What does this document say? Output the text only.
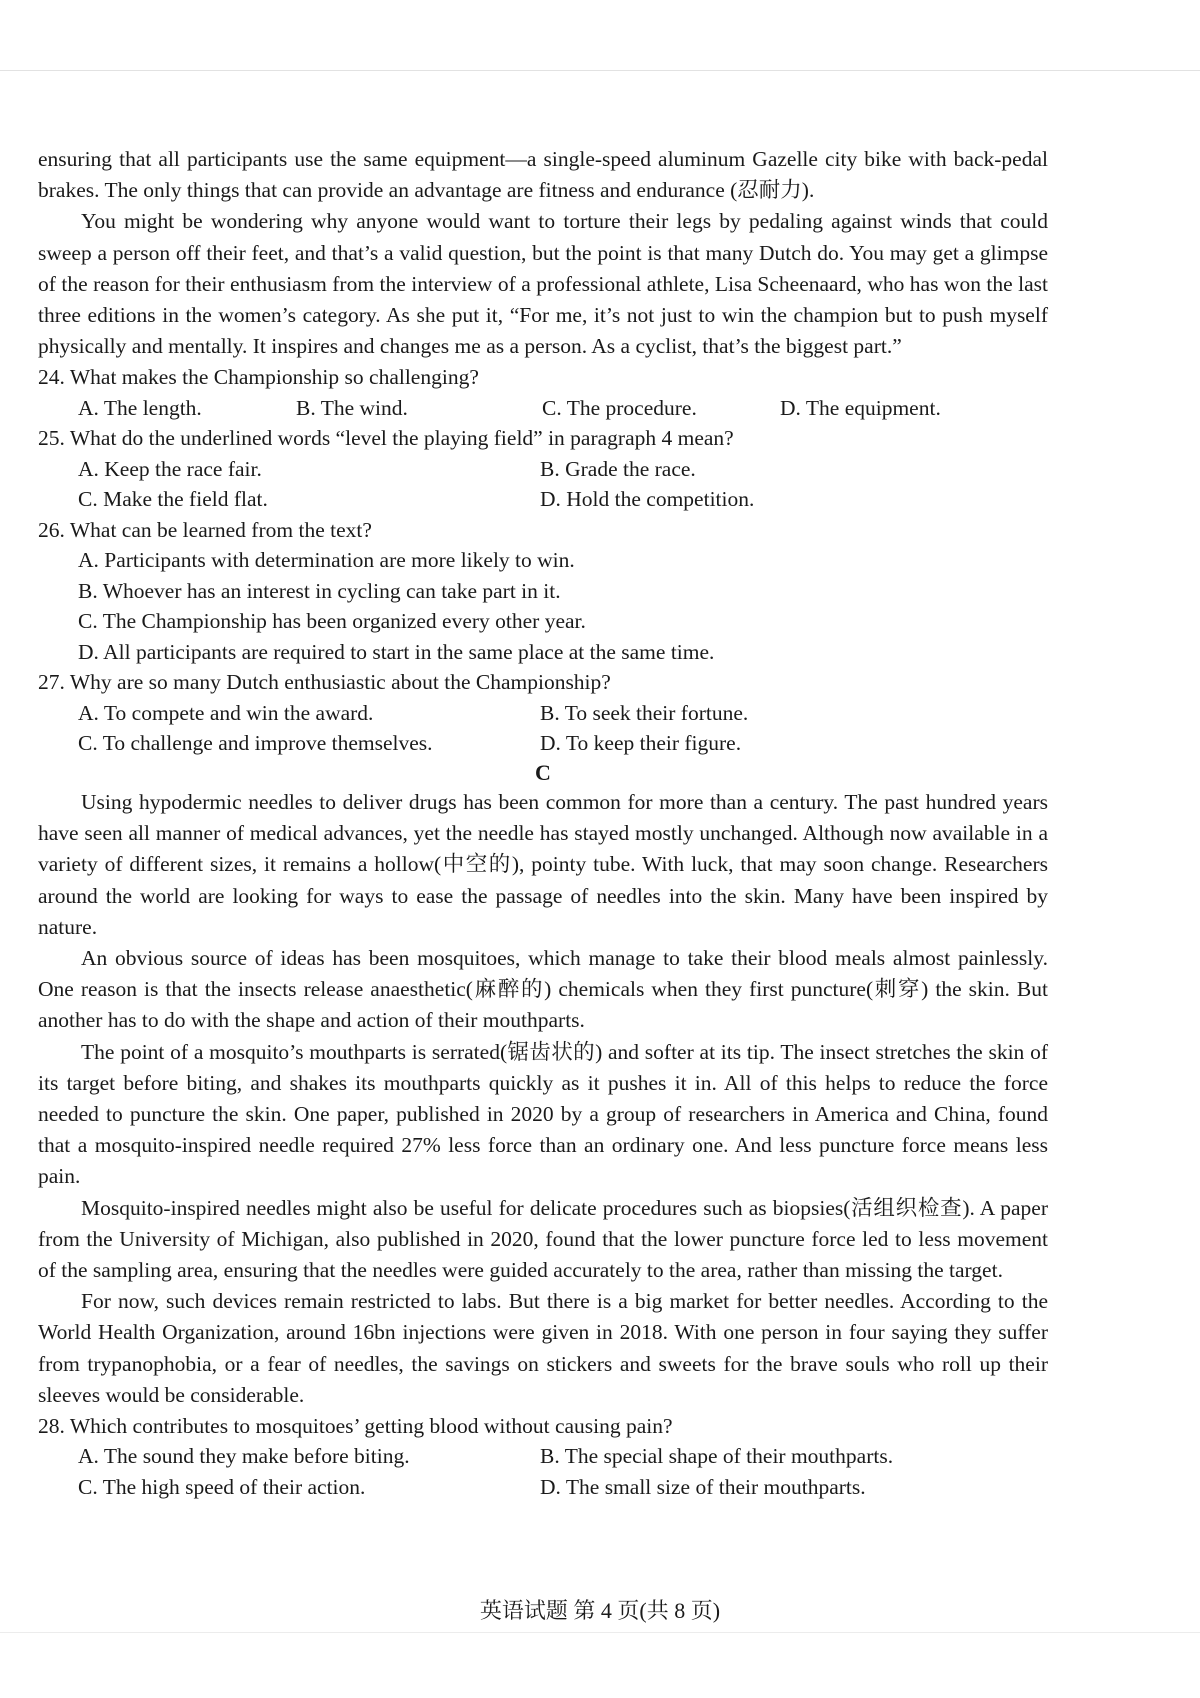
ensuring that all participants use the same equipment—a single-speed aluminum Gazelle city bike with back-pedal brakes. The only things that can provide an advantage are fitness and endurance (忍耐力).

You might be wondering why anyone would want to torture their legs by pedaling against winds that could sweep a person off their feet, and that’s a valid question, but the point is that many Dutch do. You may get a glimpse of the reason for their enthusiasm from the interview of a professional athlete, Lisa Scheenaard, who has won the last three editions in the women’s category. As she put it, “For me, it’s not just to win the champion but to push myself physically and mentally. It inspires and changes me as a person. As a cyclist, that’s the biggest part.”

24. What makes the Championship so challenging?
A. The length.	B. The wind.	C. The procedure.	D. The equipment.
25. What do the underlined words “level the playing field” in paragraph 4 mean?
A. Keep the race fair.	B. Grade the race.
C. Make the field flat.	D. Hold the competition.
26. What can be learned from the text?
A. Participants with determination are more likely to win.
B. Whoever has an interest in cycling can take part in it.
C. The Championship has been organized every other year.
D. All participants are required to start in the same place at the same time.
27. Why are so many Dutch enthusiastic about the Championship?
A. To compete and win the award.	B. To seek their fortune.
C. To challenge and improve themselves.	D. To keep their figure.
C

Using hypodermic needles to deliver drugs has been common for more than a century. The past hundred years have seen all manner of medical advances, yet the needle has stayed mostly unchanged. Although now available in a variety of different sizes, it remains a hollow(中空的), pointy tube. With luck, that may soon change. Researchers around the world are looking for ways to ease the passage of needles into the skin. Many have been inspired by nature.

An obvious source of ideas has been mosquitoes, which manage to take their blood meals almost painlessly. One reason is that the insects release anaesthetic(麻醉的) chemicals when they first puncture(刺穿) the skin. But another has to do with the shape and action of their mouthparts.

The point of a mosquito’s mouthparts is serrated(锯齿状的) and softer at its tip. The insect stretches the skin of its target before biting, and shakes its mouthparts quickly as it pushes it in. All of this helps to reduce the force needed to puncture the skin. One paper, published in 2020 by a group of researchers in America and China, found that a mosquito-inspired needle required 27% less force than an ordinary one. And less puncture force means less pain.

Mosquito-inspired needles might also be useful for delicate procedures such as biopsies(活组织检查). A paper from the University of Michigan, also published in 2020, found that the lower puncture force led to less movement of the sampling area, ensuring that the needles were guided accurately to the area, rather than missing the target.

For now, such devices remain restricted to labs. But there is a big market for better needles. According to the World Health Organization, around 16bn injections were given in 2018. With one person in four saying they suffer from trypanophobia, or a fear of needles, the savings on stickers and sweets for the brave souls who roll up their sleeves would be considerable.

28. Which contributes to mosquitoes’ getting blood without causing pain?
A. The sound they make before biting.	B. The special shape of their mouthparts.
C. The high speed of their action.	D. The small size of their mouthparts.
英语试题 第 4 页(共 8 页)
